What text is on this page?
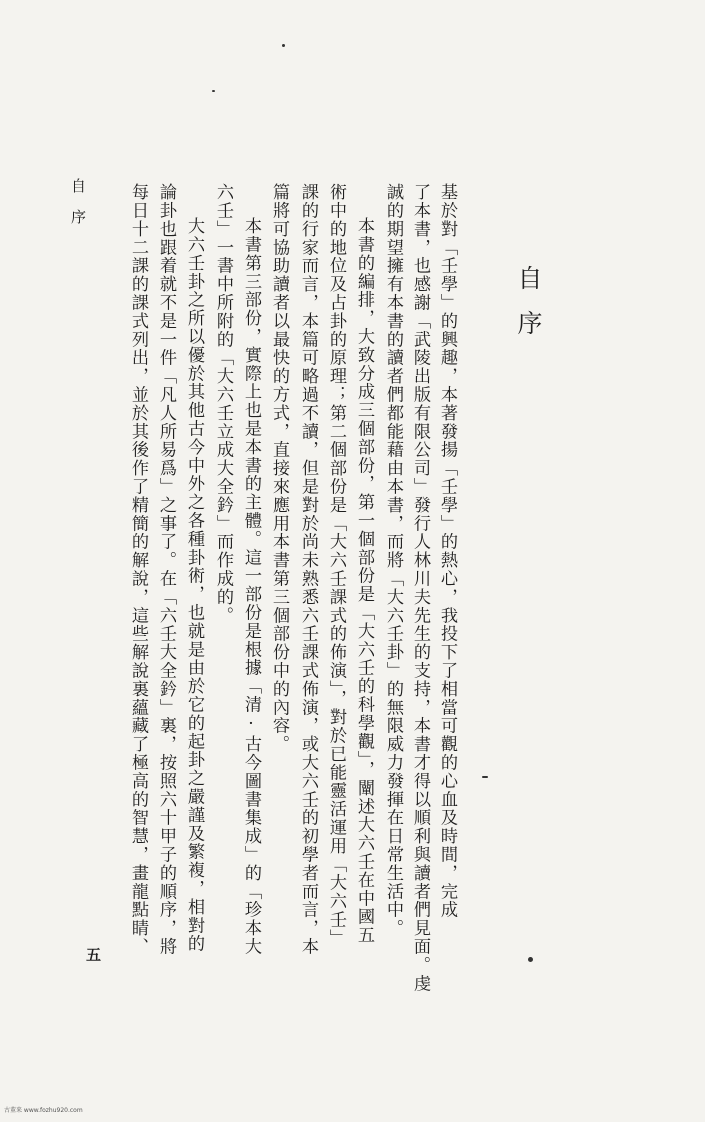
自序
基於對「壬學」的興趣，本著發揚「壬學」的熱心，我投下了相當可觀的心血及時間，完成
了本書，也感謝「武陵出版有限公司」發行人林川夫先生的支持，本書才得以順利與讀者們見面。虔
誠的期望擁有本書的讀者們都能藉由本書，而將「大六壬卦」的無限威力發揮在日常生活中。
本書的編排，大致分成三個部份，第一個部份是「大六壬的科學觀」，闡述大六壬在中國五
術中的地位及占卦的原理；第二個部份是「大六壬課式的佈演」，對於已能靈活運用「大六壬」
課的行家而言，本篇可略過不讀，但是對於尚未熟悉六壬課式佈演，或大六壬的初學者而言，本
篇將可協助讀者以最快的方式，直接來應用本書第三個部份中的內容。
本書第三部份，實際上也是本書的主體。這一部份是根據「清·古今圖書集成」的「珍本大
六壬」一書中所附的「大六壬立成大全鈐」而作成的。
大六壬卦之所以優於其他古今中外之各種卦術，也就是由於它的起卦之嚴謹及繁複，相對的
論卦也跟着就不是一件「凡人所易爲」之事了。在「六壬大全鈐」裏，按照六十甲子的順序，將
每日十二課的課式列出，並於其後作了精簡的解說，這些解說裏蘊藏了極高的智慧，畫龍點睛、
自序
五
古董来 www.fozhu920.com
